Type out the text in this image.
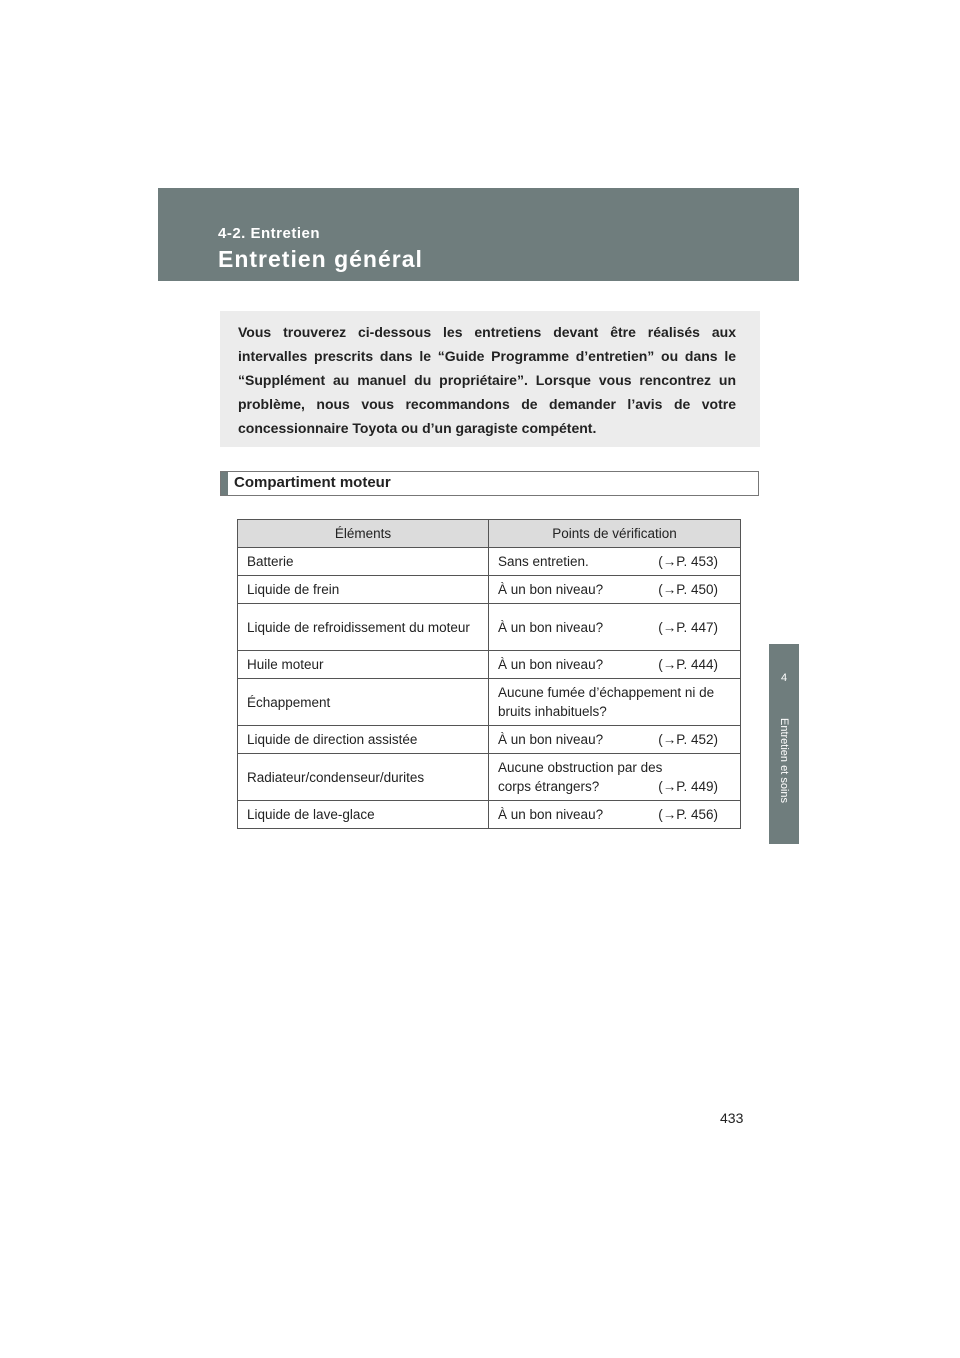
4-2. Entretien
Entretien général
4
Entretien et soins

Vous trouverez ci-dessous les entretiens devant être réalisés aux intervalles prescrits dans le “Guide Programme d’entretien” ou dans le “Supplément au manuel du propriétaire”. Lorsque vous rencontrez un problème, nous vous recommandons de demander l’avis de votre concessionnaire Toyota ou d’un garagiste compétent.

Compartiment moteur
Éléments	Points de vérification
Batterie	Sans entretien. (→P. 453)

Liquide de frein	À un bon niveau? (→P. 450)

Liquide de refroidissement du moteur	À un bon niveau? (→P. 447)

Huile moteur	À un bon niveau? (→P. 444)

Échappement	Aucune fumée d’échappement ni de bruits inhabituels?
Liquide de direction assistée	À un bon niveau? (→P. 452)

Radiateur/condenseur/durites	Aucune obstruction par des corps étrangers? (→P. 449)

Liquide de lave-glace	À un bon niveau? (→P. 456)
433
